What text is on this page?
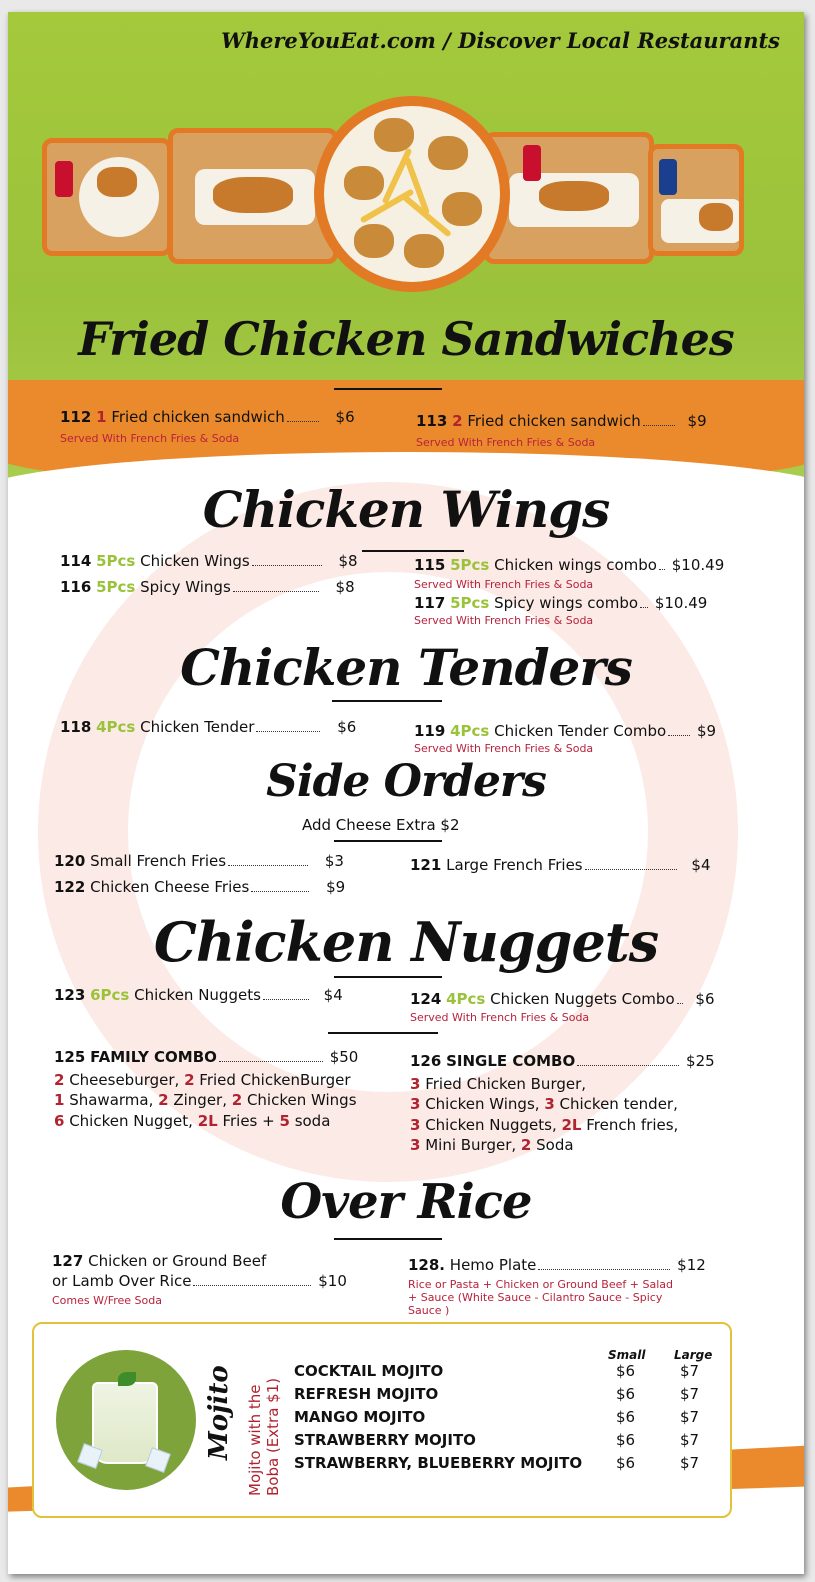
WhereYouEat.com / Discover Local Restaurants
Fried Chicken Sandwiches
112 1 Fried chicken sandwich	$6
Served With French Fries & Soda
113 2 Fried chicken sandwich	$9
Served With French Fries & Soda
Chicken Wings
114 5Pcs Chicken Wings	$8
116 5Pcs Spicy Wings	$8
115 5Pcs Chicken wings combo $10.49
Served With French Fries & Soda
117 5Pcs Spicy wings combo $10.49
Served With French Fries & Soda
Chicken Tenders
118 4Pcs Chicken Tender	$6	119 4Pcs Chicken Tender Combo $9
Served With French Fries & Soda
Side Orders
Add Cheese Extra $2
120 Small French Fries	$3
122 Chicken Cheese Fries	$9
121 Large French Fries	$4
Chicken Nuggets
123 6Pcs Chicken Nuggets	$4	124 4Pcs Chicken Nuggets Combo $6
Served With French Fries & Soda
125 FAMILY COMBO	$50
2 Cheeseburger, 2 Fried ChickenBurger
1 Shawarma, 2 Zinger, 2 Chicken Wings
6 Chicken Nugget, 2L Fries + 5 soda
126 SINGLE COMBO	$25
3 Fried Chicken Burger,
3 Chicken Wings, 3 Chicken tender,
3 Chicken Nuggets, 2L French fries,
3 Mini Burger, 2 Soda
Over Rice
127 Chicken or Ground Beef
or Lamb Over Rice	$10
Comes W/Free Soda
128. Hemo Plate	$12
Rice or Pasta + Chicken or Ground Beef + Salad
+ Sauce (White Sauce - Cilantro Sauce - Spicy
Sauce )
Mojito Mojito with the Boba (Extra $1)
Small Large
COCKTAIL MOJITO	$6	$7
REFRESH MOJITO	$6	$7
MANGO MOJITO	$6	$7
STRAWBERRY MOJITO	$6	$7
STRAWBERRY, BLUEBERRY MOJITO $6	$7
